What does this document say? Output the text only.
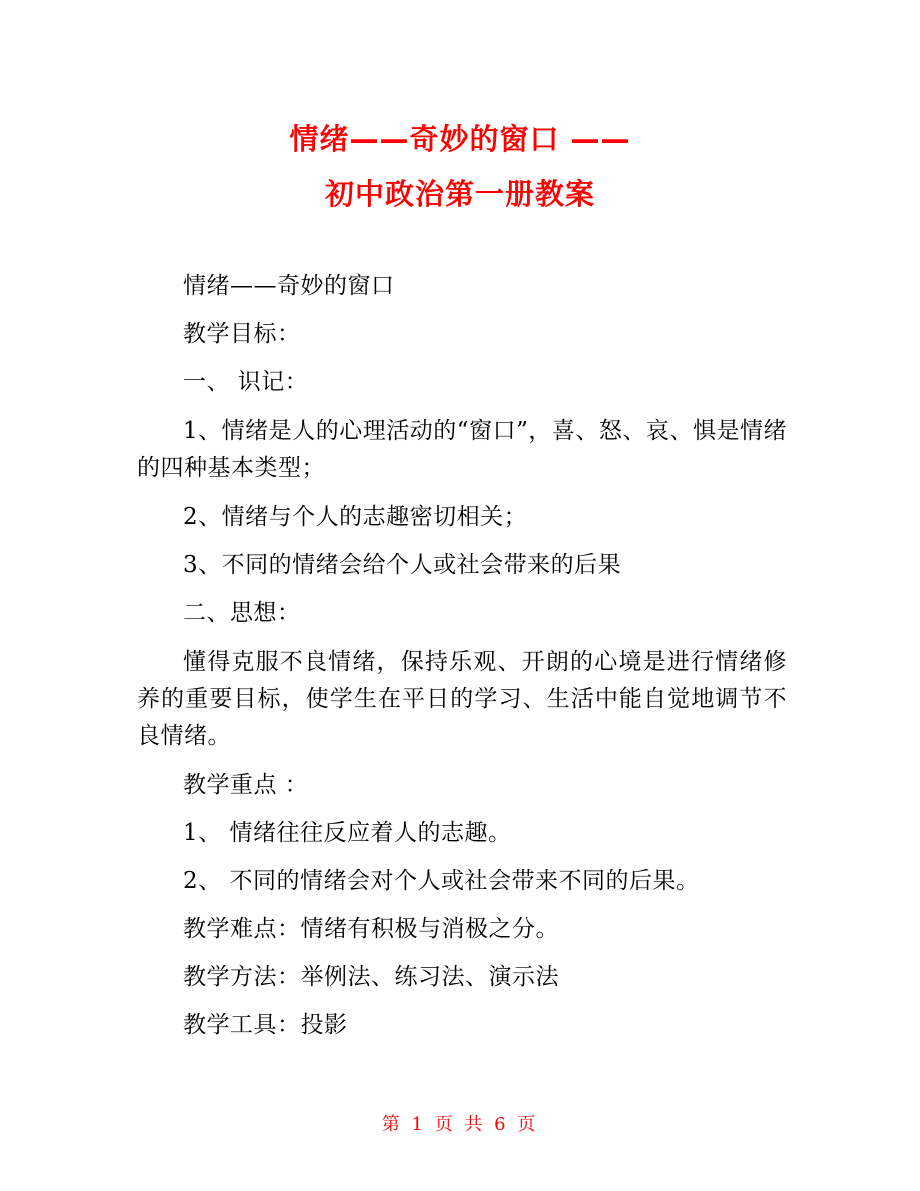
情绪——奇妙的窗口 ——
初中政治第一册教案

情绪——奇妙的窗口

教学目标：

一、 识记：

1、情绪是人的心理活动的“窗口”，喜、怒、哀、惧是情绪的四种基本类型；

2、情绪与个人的志趣密切相关；

3、不同的情绪会给个人或社会带来的后果

二、思想：

懂得克服不良情绪，保持乐观、开朗的心境是进行情绪修养的重要目标，使学生在平日的学习、生活中能自觉地调节不良情绪。

教学重点 ：

1、 情绪往往反应着人的志趣。

2、 不同的情绪会对个人或社会带来不同的后果。

教学难点：情绪有积极与消极之分。

教学方法：举例法、练习法、演示法

教学工具：投影

第 1 页 共 6 页
